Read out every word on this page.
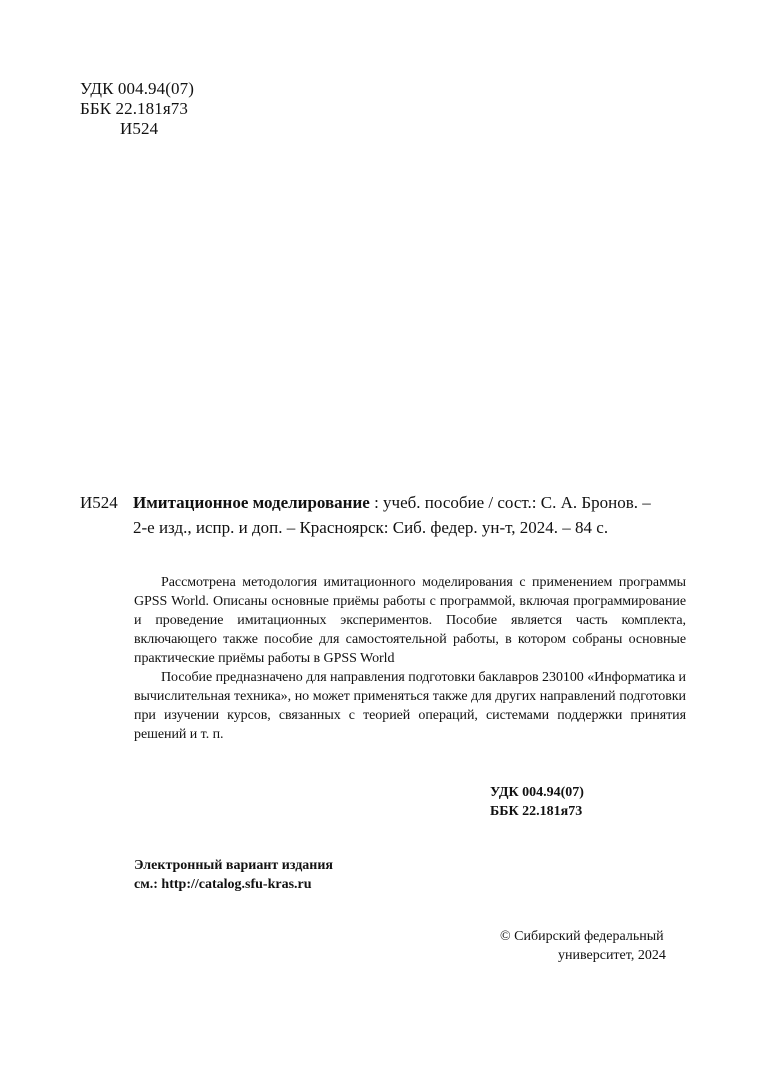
УДК 004.94(07)
ББК 22.181я73
И524
И524 Имитационное моделирование : учеб. пособие / сост.: С. А. Бронов. –
2-е изд., испр. и доп. – Красноярск: Сиб. федер. ун-т, 2024. – 84 с.

Рассмотрена методология имитационного моделирования с применением программы GPSS World. Описаны основные приёмы работы с программой, включая программирование и проведение имитационных экспериментов. Пособие является часть комплекта, включающего также пособие для самостоятельной работы, в котором собраны основные практические приёмы работы в GPSS World

Пособие предназначено для направления подготовки баклавров 230100 «Информатика и вычислительная техника», но может применяться также для других направлений подготовки при изучении курсов, связанных с теорией операций, системами поддержки принятия решений и т. п.

УДК 004.94(07)
ББК 22.181я73
Электронный вариант издания
см.: http://catalog.sfu-kras.ru
© Сибирский федеральный
университет, 2024
